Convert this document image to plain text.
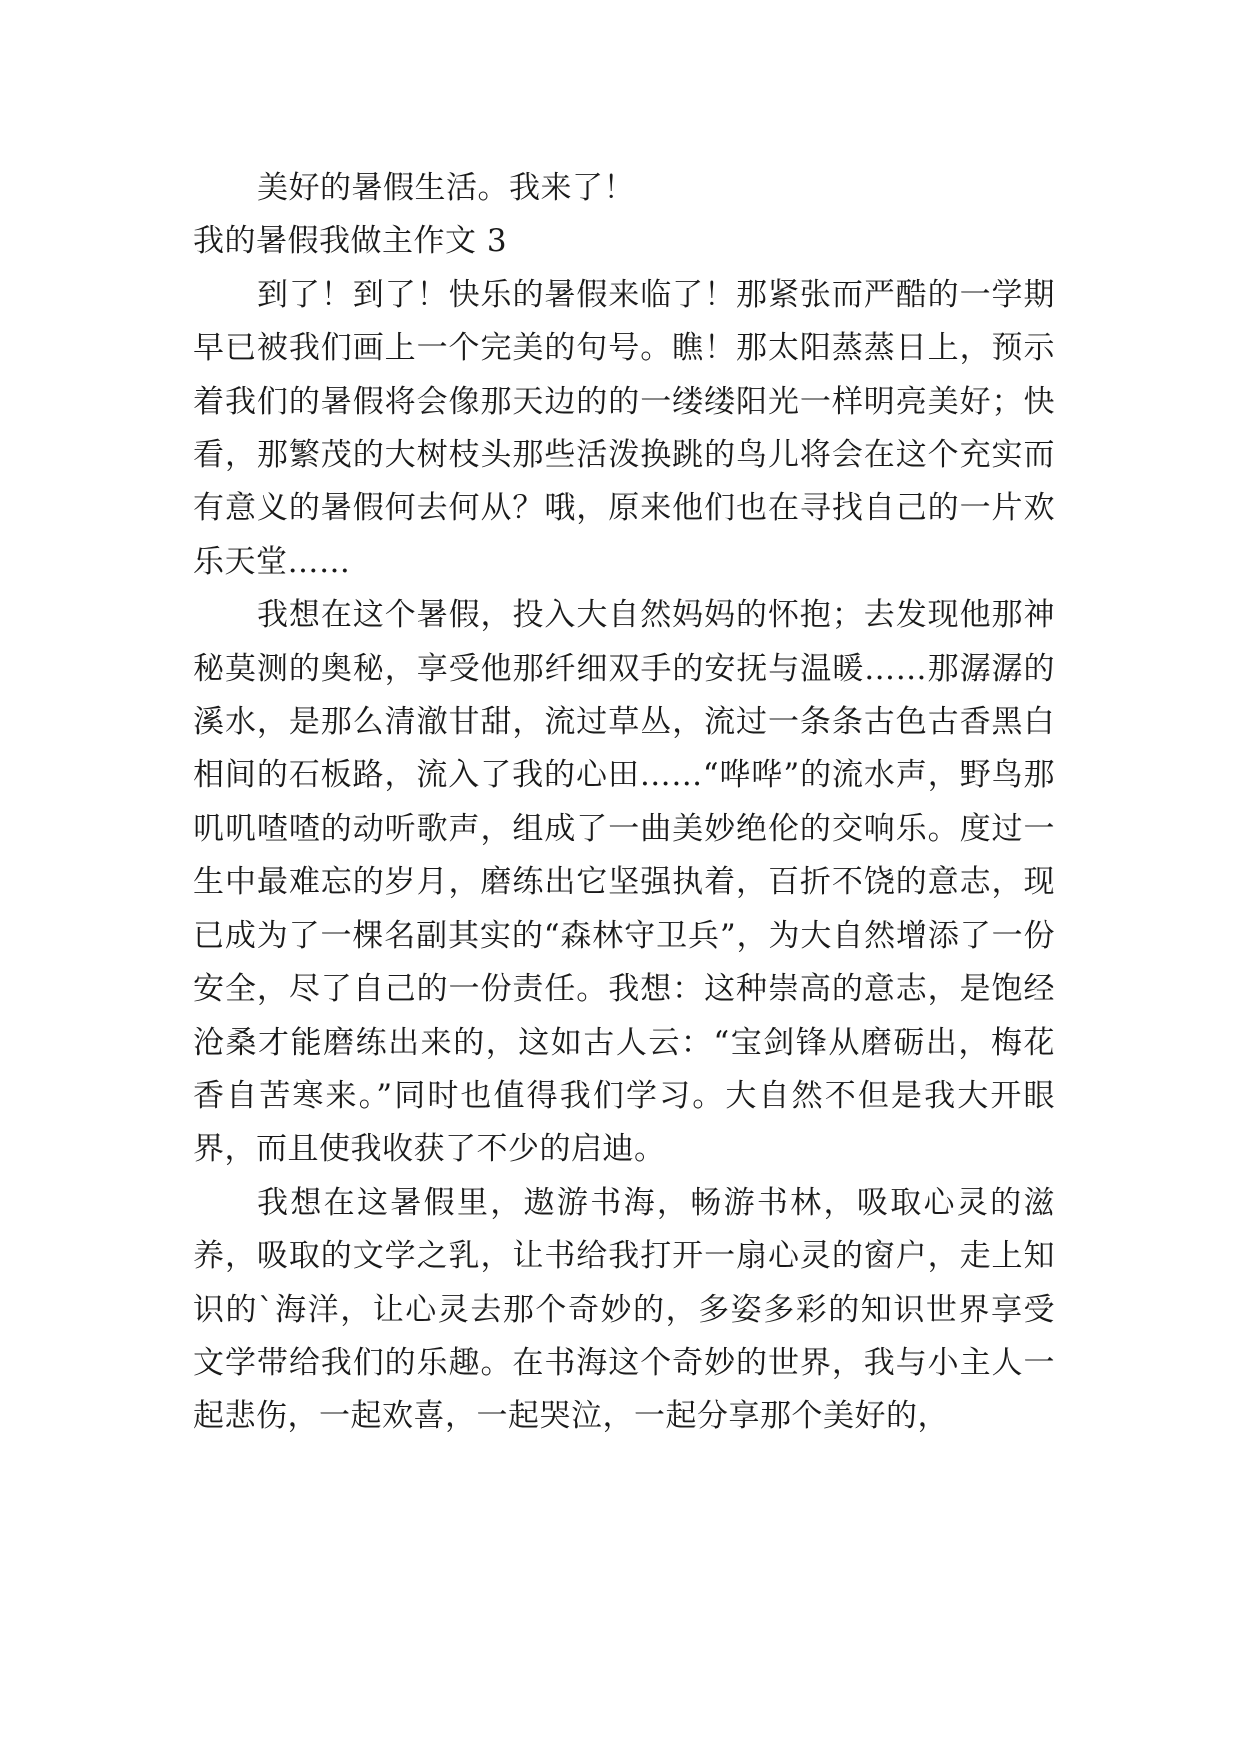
美好的暑假生活。我来了！

我的暑假我做主作文 3

到了！到了！快乐的暑假来临了！那紧张而严酷的一学期早已被我们画上一个完美的句号。瞧！那太阳蒸蒸日上，预示着我们的暑假将会像那天边的的一缕缕阳光一样明亮美好；快看，那繁茂的大树枝头那些活泼换跳的鸟儿将会在这个充实而有意义的暑假何去何从？哦，原来他们也在寻找自己的一片欢乐天堂……

我想在这个暑假，投入大自然妈妈的怀抱；去发现他那神秘莫测的奥秘，享受他那纤细双手的安抚与温暖……那潺潺的溪水，是那么清澈甘甜，流过草丛，流过一条条古色古香黑白相间的石板路，流入了我的心田……“哗哗”的流水声，野鸟那叽叽喳喳的动听歌声，组成了一曲美妙绝伦的交响乐。度过一生中最难忘的岁月，磨练出它坚强执着，百折不饶的意志，现已成为了一棵名副其实的“森林守卫兵”，为大自然增添了一份安全，尽了自己的一份责任。我想：这种崇高的意志，是饱经沧桑才能磨练出来的，这如古人云：“宝剑锋从磨砺出，梅花香自苦寒来。”同时也值得我们学习。大自然不但是我大开眼界，而且使我收获了不少的启迪。

我想在这暑假里，遨游书海，畅游书林，吸取心灵的滋养，吸取的文学之乳，让书给我打开一扇心灵的窗户，走上知识的`海洋，让心灵去那个奇妙的，多姿多彩的知识世界享受文学带给我们的乐趣。在书海这个奇妙的世界，我与小主人一起悲伤，一起欢喜，一起哭泣，一起分享那个美好的，
